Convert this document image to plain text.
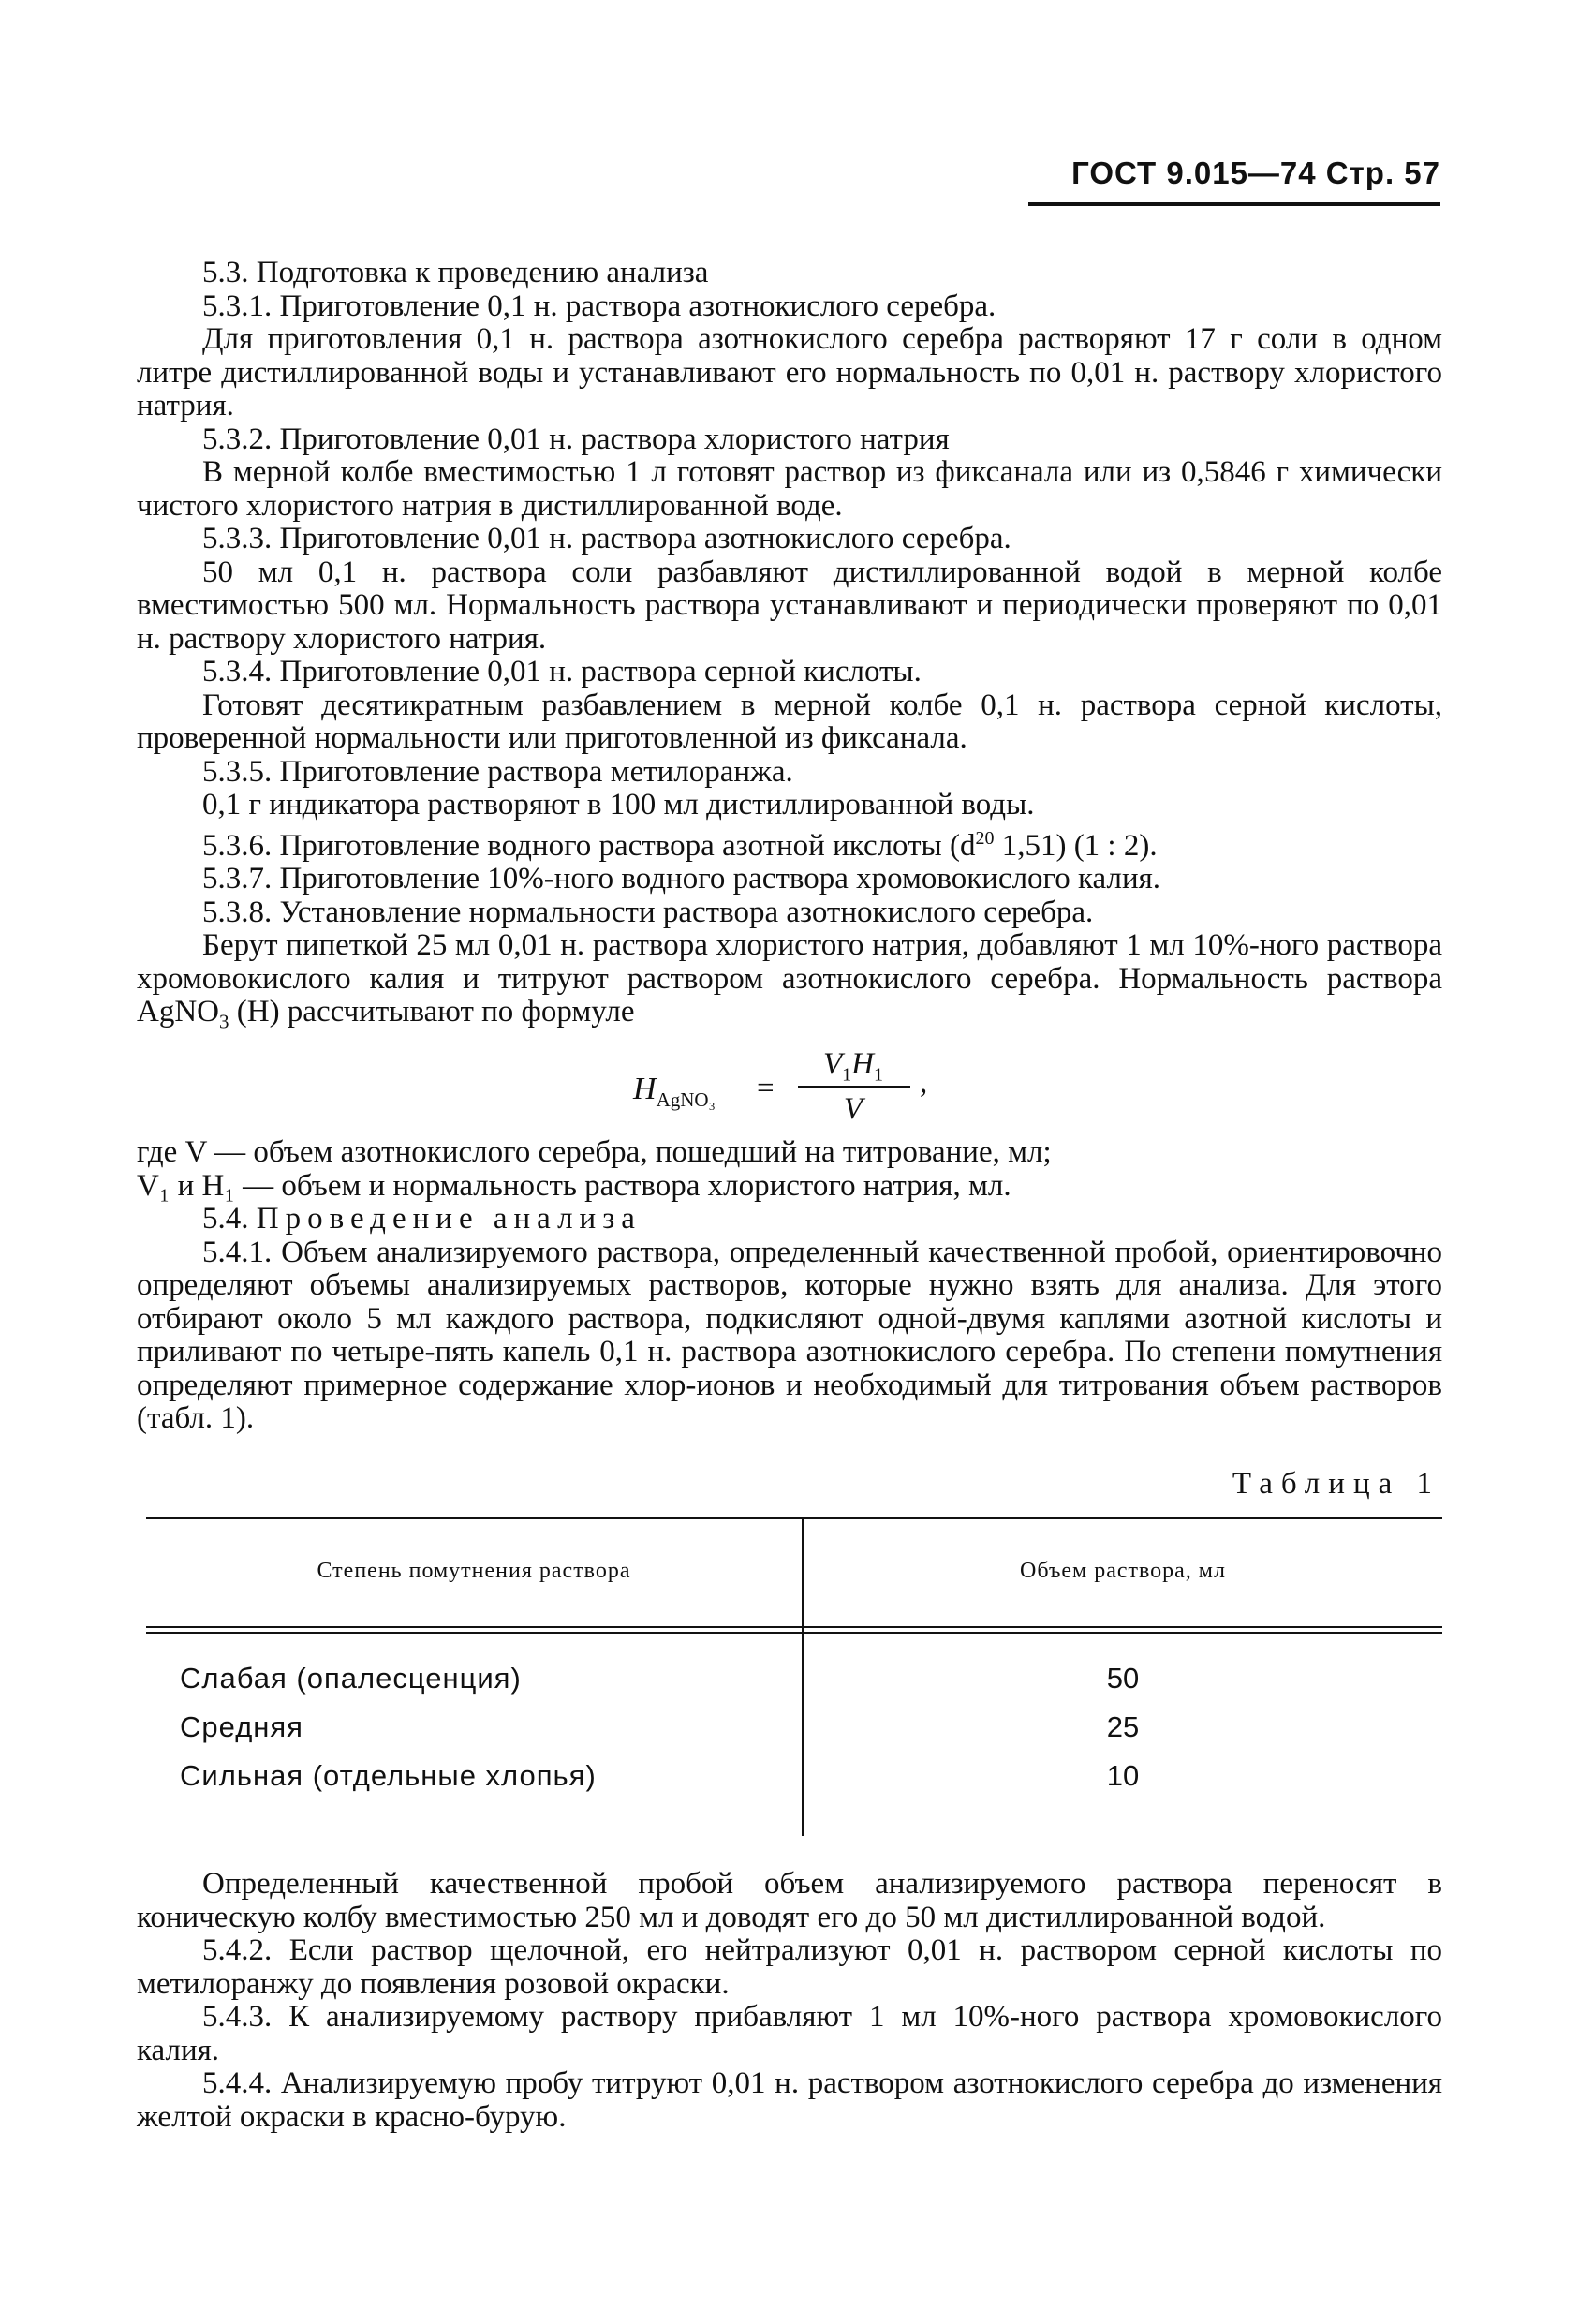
ГОСТ 9.015—74 Стр. 57

5.3. Подготовка к проведению анализа

5.3.1. Приготовление 0,1 н. раствора азотнокислого серебра.

Для приготовления 0,1 н. раствора азотнокислого серебра растворяют 17 г соли в одном литре дистиллированной воды и устанавливают его нормальность по 0,01 н. раствору хлористого натрия.

5.3.2. Приготовление 0,01 н. раствора хлористого натрия

В мерной колбе вместимостью 1 л готовят раствор из фиксанала или из 0,5846 г химически чистого хлористого натрия в дистиллированной воде.

5.3.3. Приготовление 0,01 н. раствора азотнокислого серебра.

50 мл 0,1 н. раствора соли разбавляют дистиллированной водой в мерной колбе вместимостью 500 мл. Нормальность раствора устанавливают и периодически проверяют по 0,01 н. раствору хлористого натрия.

5.3.4. Приготовление 0,01 н. раствора серной кислоты.

Готовят десятикратным разбавлением в мерной колбе 0,1 н. раствора серной кислоты, проверенной нормальности или приготовленной из фиксанала.

5.3.5. Приготовление раствора метилоранжа.

0,1 г индикатора растворяют в 100 мл дистиллированной воды.

5.3.6. Приготовление водного раствора азотной икслоты ($d^{20}$ 1,51) (1 : 2).

5.3.7. Приготовление 10%-ного водного раствора хромовокислого калия.

5.3.8. Установление нормальности раствора азотнокислого серебра.

Берут пипеткой 25 мл 0,01 н. раствора хлористого натрия, добавляют 1 мл 10%-ного раствора хромовокислого калия и титруют раствором азотнокислого серебра. Нормальность раствора AgNO$_3$ (H) рассчитывают по формуле

$H_{AgNO_3}$ =
$V_1H_1$
V
,

где V — объем азотнокислого серебра, пошедший на титрование, мл;

V₁ и H₁ — объем и нормальность раствора хлористого натрия, мл.

5.4. Проведение анализа

5.4.1. Объем анализируемого раствора, определенный качественной пробой, ориентировочно определяют объемы анализируемых растворов, которые нужно взять для анализа. Для этого отбирают около 5 мл каждого раствора, подкисляют одной-двумя каплями азотной кислоты и приливают по четыре-пять капель 0,1 н. раствора азотнокислого серебра. По степени помутнения определяют примерное содержание хлор-ионов и необходимый для титрования объем растворов (табл. 1).

Таблица 1
Степень помутнения раствора	Объем раствора, мл
Слабая (опалесценция)	50
Средняя	25
Сильная (отдельные хлопья)	10

Определенный качественной пробой объем анализируемого раствора переносят в коническую колбу вместимостью 250 мл и доводят его до 50 мл дистиллированной водой.

5.4.2. Если раствор щелочной, его нейтрализуют 0,01 н. раствором серной кислоты по метилоранжу до появления розовой окраски.

5.4.3. К анализируемому раствору прибавляют 1 мл 10%-ного раствора хромовокислого калия.

5.4.4. Анализируемую пробу титруют 0,01 н. раствором азотнокислого серебра до изменения желтой окраски в красно-бурую.
